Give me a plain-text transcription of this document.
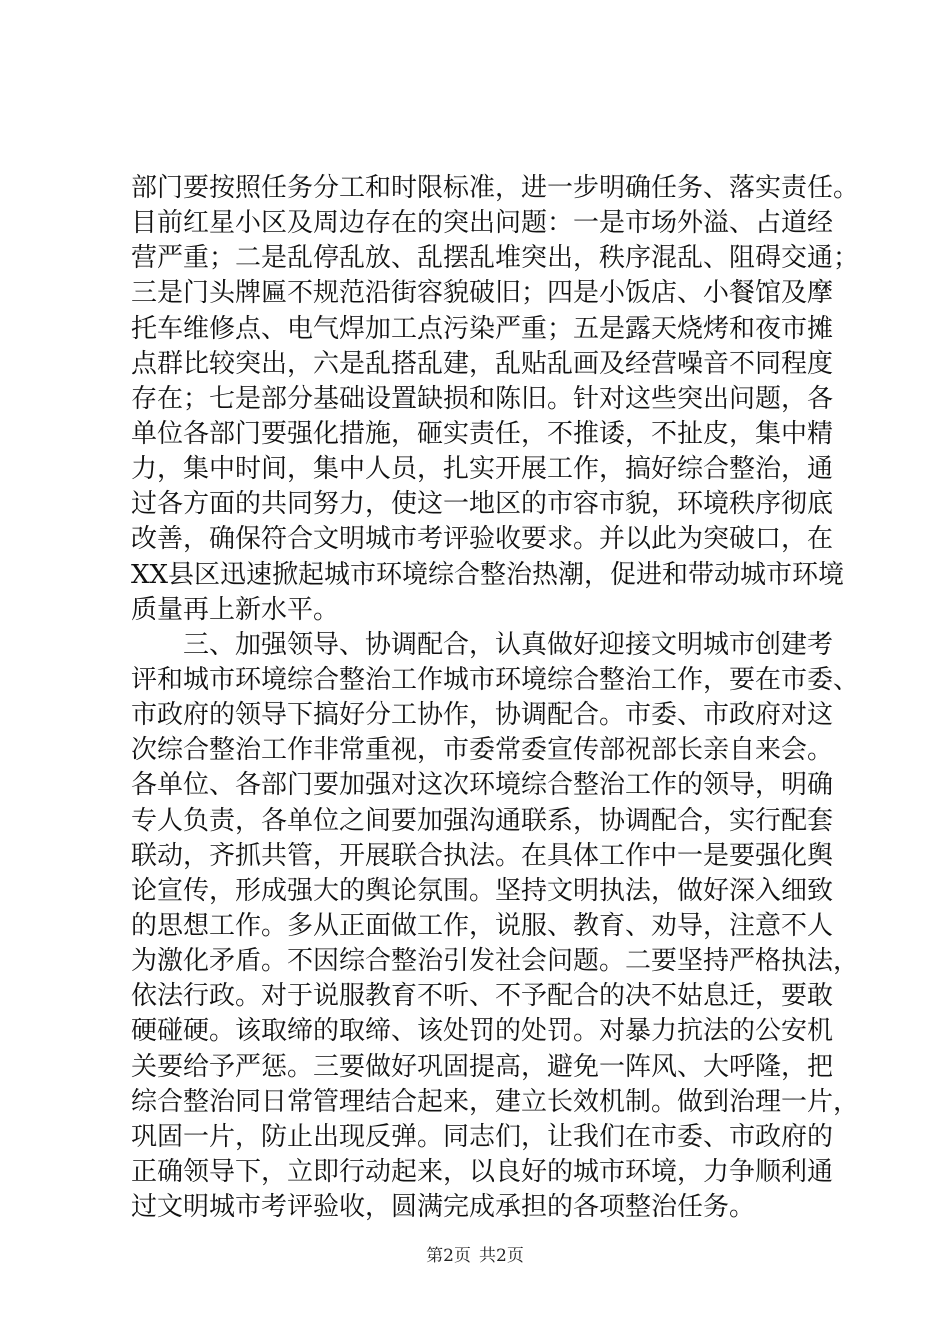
部门要按照任务分工和时限标准，进一步明确任务、落实责任。
目前红星小区及周边存在的突出问题：一是市场外溢、占道经
营严重；二是乱停乱放、乱摆乱堆突出，秩序混乱、阻碍交通；
三是门头牌匾不规范沿街容貌破旧；四是小饭店、小餐馆及摩
托车维修点、电气焊加工点污染严重；五是露天烧烤和夜市摊
点群比较突出，六是乱搭乱建，乱贴乱画及经营噪音不同程度
存在；七是部分基础设置缺损和陈旧。针对这些突出问题，各
单位各部门要强化措施，砸实责任，不推诿，不扯皮，集中精
力，集中时间，集中人员，扎实开展工作，搞好综合整治，通
过各方面的共同努力，使这一地区的市容市貌，环境秩序彻底
改善，确保符合文明城市考评验收要求。并以此为突破口，在
XX县区迅速掀起城市环境综合整治热潮，促进和带动城市环境
质量再上新水平。
三、加强领导、协调配合，认真做好迎接文明城市创建考
评和城市环境综合整治工作城市环境综合整治工作，要在市委、
市政府的领导下搞好分工协作，协调配合。市委、市政府对这
次综合整治工作非常重视，市委常委宣传部祝部长亲自来会。
各单位、各部门要加强对这次环境综合整治工作的领导，明确
专人负责，各单位之间要加强沟通联系，协调配合，实行配套
联动，齐抓共管，开展联合执法。在具体工作中一是要强化舆
论宣传，形成强大的舆论氛围。坚持文明执法，做好深入细致
的思想工作。多从正面做工作，说服、教育、劝导，注意不人
为激化矛盾。不因综合整治引发社会问题。二要坚持严格执法，
依法行政。对于说服教育不听、不予配合的决不姑息迁，要敢
硬碰硬。该取缔的取缔、该处罚的处罚。对暴力抗法的公安机
关要给予严惩。三要做好巩固提高，避免一阵风、大呼隆，把
综合整治同日常管理结合起来，建立长效机制。做到治理一片，
巩固一片，防止出现反弹。同志们，让我们在市委、市政府的
正确领导下，立即行动起来，以良好的城市环境，力争顺利通
过文明城市考评验收，圆满完成承担的各项整治任务。
第2页 共2页
